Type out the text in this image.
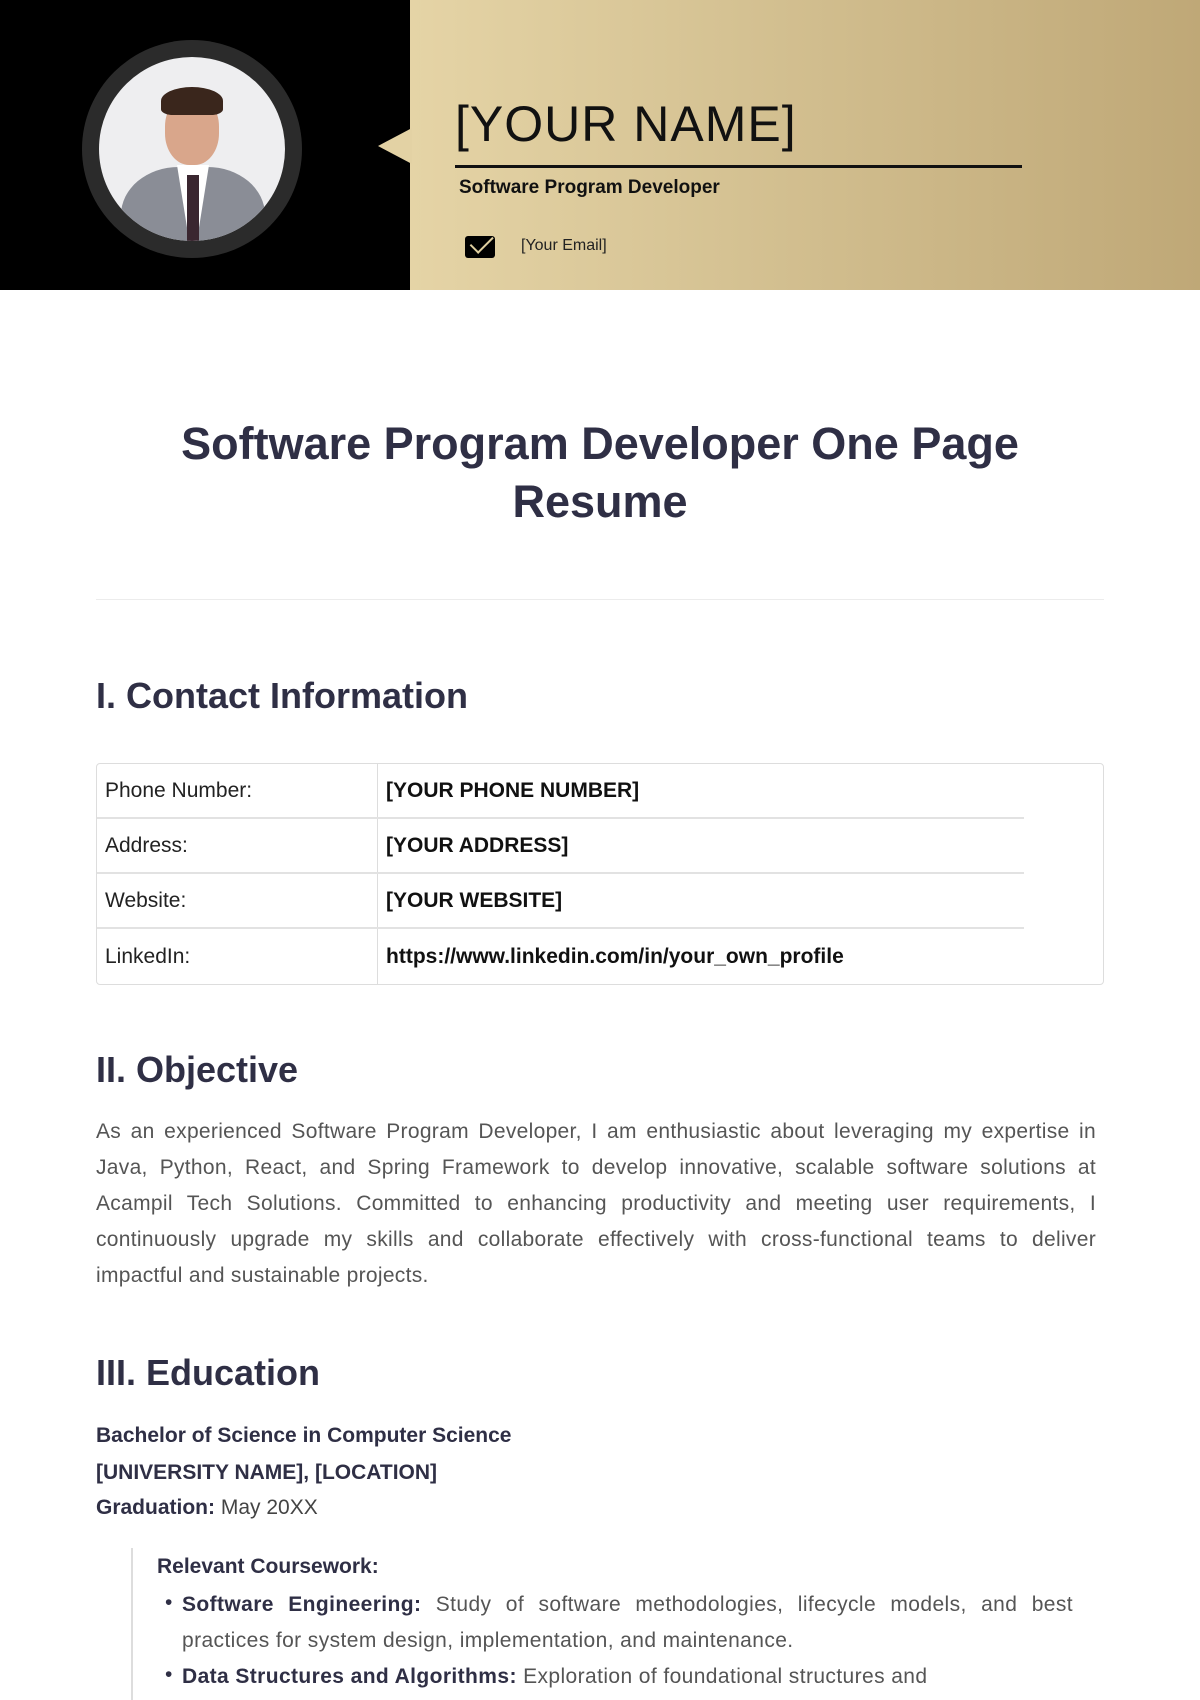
[YOUR NAME]
Software Program Developer
[Your Email]
Software Program Developer One Page Resume
I. Contact Information
Phone Number:	[YOUR PHONE NUMBER]
Address:	[YOUR ADDRESS]
Website:	[YOUR WEBSITE]
LinkedIn:	https://www.linkedin.com/in/your_own_profile
II. Objective
As an experienced Software Program Developer, I am enthusiastic about leveraging my expertise in Java, Python, React, and Spring Framework to develop innovative, scalable software solutions at Acampil Tech Solutions. Committed to enhancing productivity and meeting user requirements, I continuously upgrade my skills and collaborate effectively with cross-functional teams to deliver impactful and sustainable projects.
III. Education
Bachelor of Science in Computer Science
[UNIVERSITY NAME], [LOCATION]
Graduation: May 20XX
Relevant Coursework:
• Software Engineering: Study of software methodologies, lifecycle models, and best practices for system design, implementation, and maintenance.
• Data Structures and Algorithms: Exploration of foundational structures and
